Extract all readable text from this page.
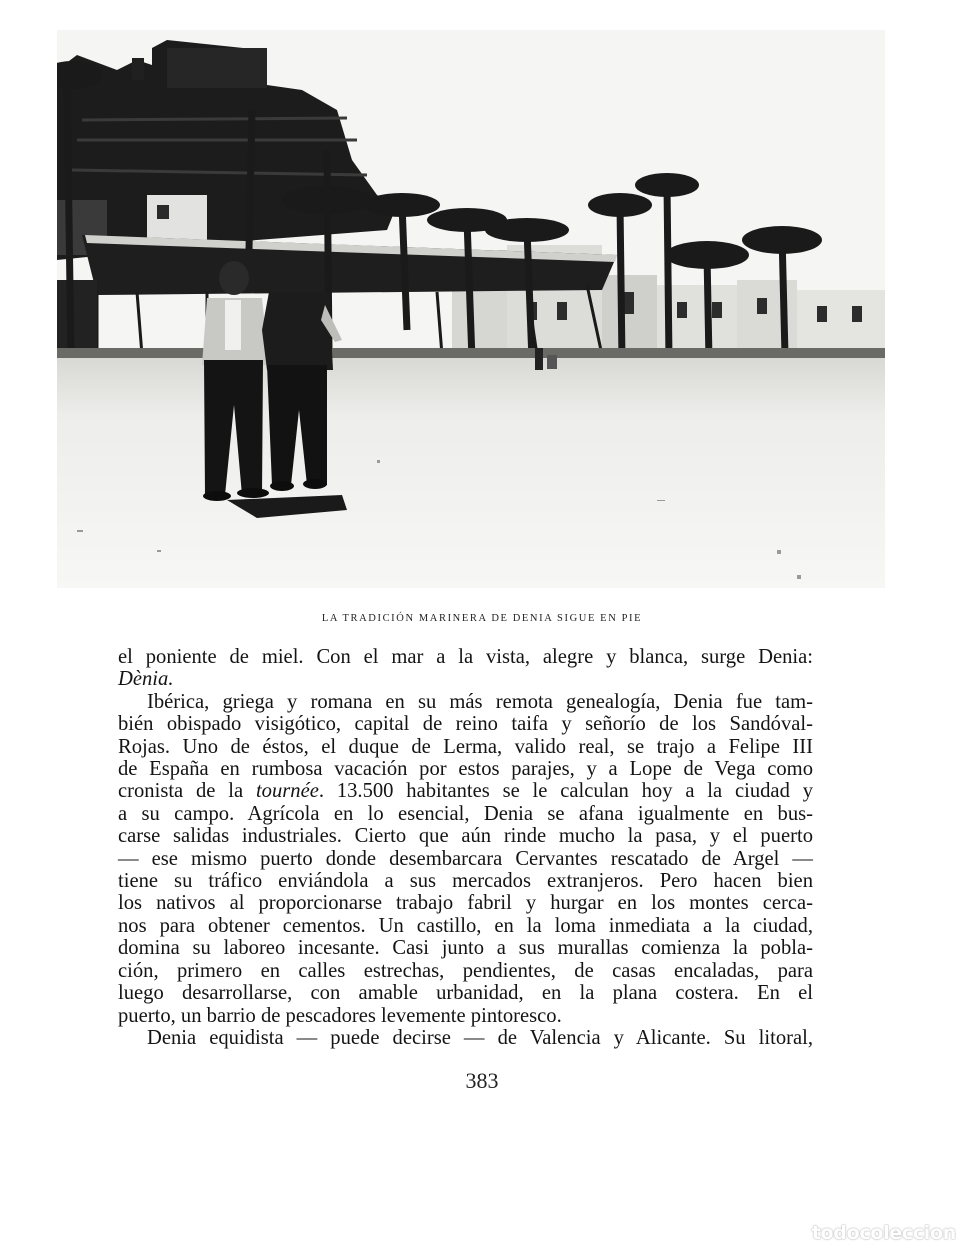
LA TRADICIÓN MARINERA DE DENIA SIGUE EN PIE
el poniente de miel. Con el mar a la vista, alegre y blanca, surge Denia:
Dènia.
Ibérica, griega y romana en su más remota genealogía, Denia fue tam-
bién obispado visigótico, capital de reino taifa y señorío de los Sandóval-
Rojas. Uno de éstos, el duque de Lerma, valido real, se trajo a Felipe III
de España en rumbosa vacación por estos parajes, y a Lope de Vega como
cronista de la tournée. 13.500 habitantes se le calculan hoy a la ciudad y
a su campo. Agrícola en lo esencial, Denia se afana igualmente en bus-
carse salidas industriales. Cierto que aún rinde mucho la pasa, y el puerto
— ese mismo puerto donde desembarcara Cervantes rescatado de Argel —
tiene su tráfico enviándola a sus mercados extranjeros. Pero hacen bien
los nativos al proporcionarse trabajo fabril y hurgar en los montes cerca-
nos para obtener cementos. Un castillo, en la loma inmediata a la ciudad,
domina su laboreo incesante. Casi junto a sus murallas comienza la pobla-
ción, primero en calles estrechas, pendientes, de casas encaladas, para
luego desarrollarse, con amable urbanidad, en la plana costera. En el
puerto, un barrio de pescadores levemente pintoresco.
Denia equidista — puede decirse — de Valencia y Alicante. Su litoral,
383
todocoleccion
